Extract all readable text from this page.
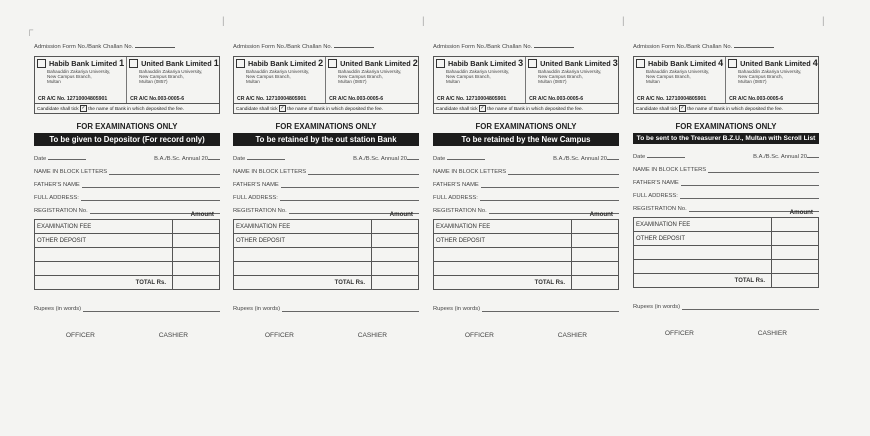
┌
|	|	|	|
Admission Form No./Bank Challan No.
Habib Bank Limited 1
Bahauddin Zakariya University,
New Campus Branch,
Multan
CR A/C No. 12710004805901
United Bank Limited 1
Bahauddin Zakariya University,
New Campus Branch,
Multan (0857)
CR A/C No.003-0005-6
Candidate shall tick ✓ the name of Bank in which deposited the fee.
FOR EXAMINATIONS ONLY
To be given to Depositor (For record only)
Date	B.A./B.Sc. Annual 20
NAME IN BLOCK LETTERS
FATHER'S NAME
FULL ADDRESS:
REGISTRATION No.	Amount
EXAMINATION FEE	
OTHER DEPOSIT	

TOTAL Rs.	
Rupees (in words)
OFFICER	CASHIER
Admission Form No./Bank Challan No.
Habib Bank Limited 2
Bahauddin Zakariya University,
New Campus Branch,
Multan
CR A/C No. 12710004805901
United Bank Limited 2
Bahauddin Zakariya University,
New Campus Branch,
Multan (0857)
CR A/C No.003-0005-6
Candidate shall tick ✓ the name of Bank in which deposited the fee.
FOR EXAMINATIONS ONLY
To be retained by the out station Bank
Date	B.A./B.Sc. Annual 20
NAME IN BLOCK LETTERS
FATHER'S NAME
FULL ADDRESS:
REGISTRATION No.	Amount
EXAMINATION FEE	
OTHER DEPOSIT	

TOTAL Rs.	
Rupees (in words)
OFFICER	CASHIER
Admission Form No./Bank Challan No.
Habib Bank Limited 3
Bahauddin Zakariya University,
New Campus Branch,
Multan
CR A/C No. 12710004805901
United Bank Limited 3
Bahauddin Zakariya University,
New Campus Branch,
Multan (0857)
CR A/C No.003-0005-6
Candidate shall tick ✓ the name of Bank in which deposited the fee.
FOR EXAMINATIONS ONLY
To be retained by the New Campus
Date	B.A./B.Sc. Annual 20
NAME IN BLOCK LETTERS
FATHER'S NAME
FULL ADDRESS:
REGISTRATION No.	Amount
EXAMINATION FEE	
OTHER DEPOSIT	

TOTAL Rs.	
Rupees (in words)
OFFICER	CASHIER
Admission Form No./Bank Challan No.
Habib Bank Limited 4
Bahauddin Zakariya University,
New Campus Branch,
Multan
CR A/C No. 12710004805901
United Bank Limited 4
Bahauddin Zakariya University,
New Campus Branch,
Multan (0857)
CR A/C No.003-0005-6
Candidate shall tick ✓ the name of Bank in which deposited the fee.
FOR EXAMINATIONS ONLY
To be sent to the Treasurer B.Z.U., Multan with Scroll List
Date	B.A./B.Sc. Annual 20
NAME IN BLOCK LETTERS
FATHER'S NAME
FULL ADDRESS:
REGISTRATION No.	Amount
EXAMINATION FEE	
OTHER DEPOSIT	

TOTAL Rs.	
Rupees (in words)
OFFICER	CASHIER
